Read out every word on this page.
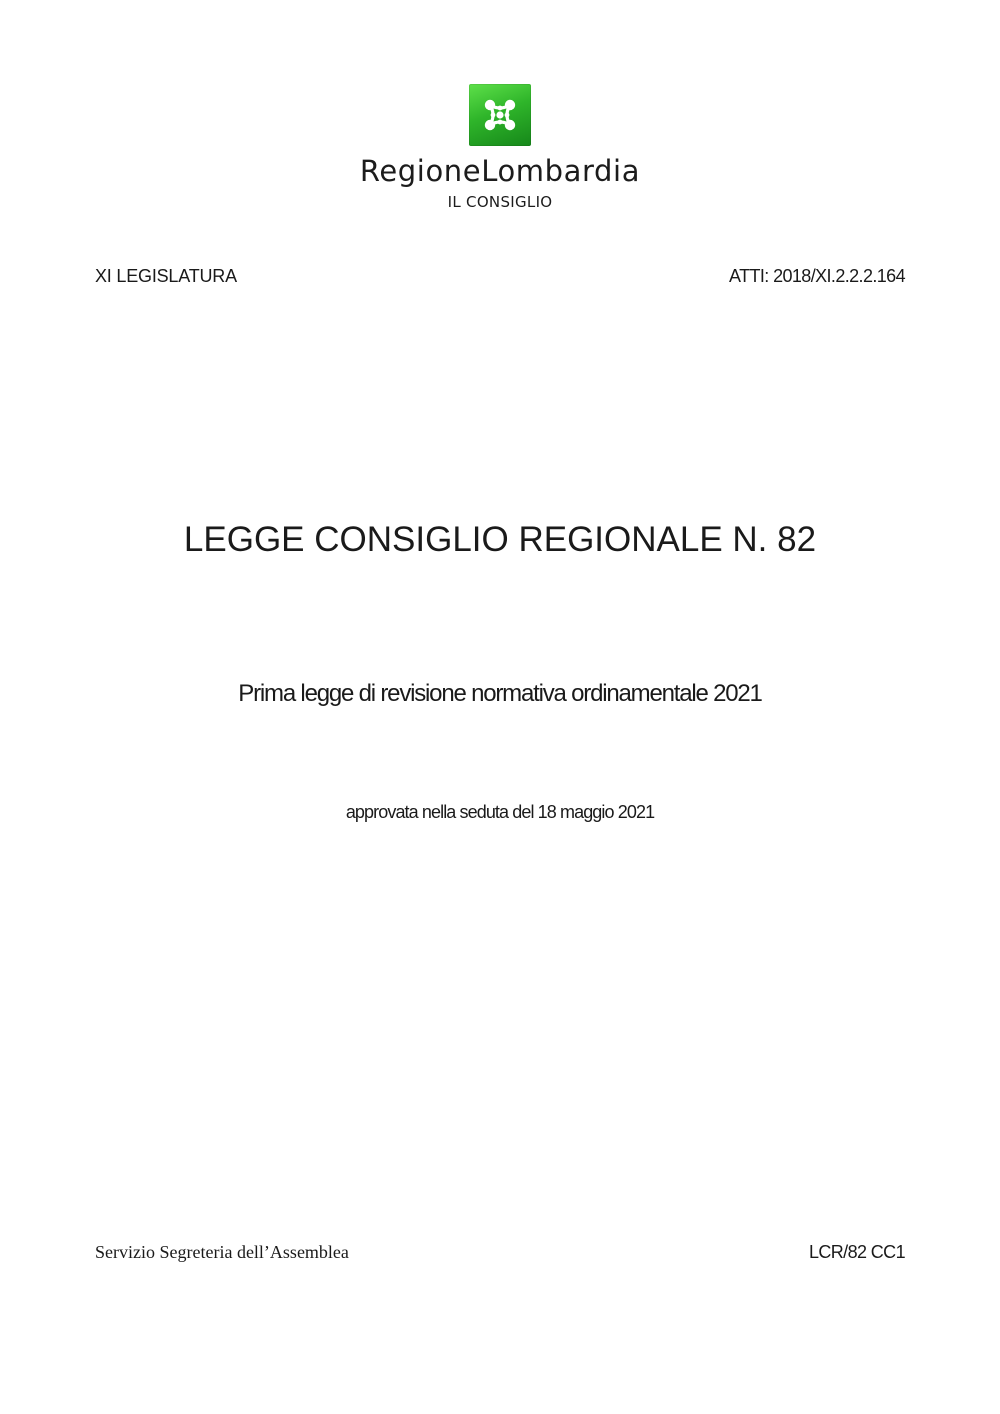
RegioneLombardia
IL CONSIGLIO
XI LEGISLATURA	ATTI: 2018/XI.2.2.2.164
LEGGE CONSIGLIO REGIONALE N. 82
Prima legge di revisione normativa ordinamentale 2021
approvata nella seduta del 18 maggio 2021
Servizio Segreteria dell’Assemblea	LCR/82 CC1
